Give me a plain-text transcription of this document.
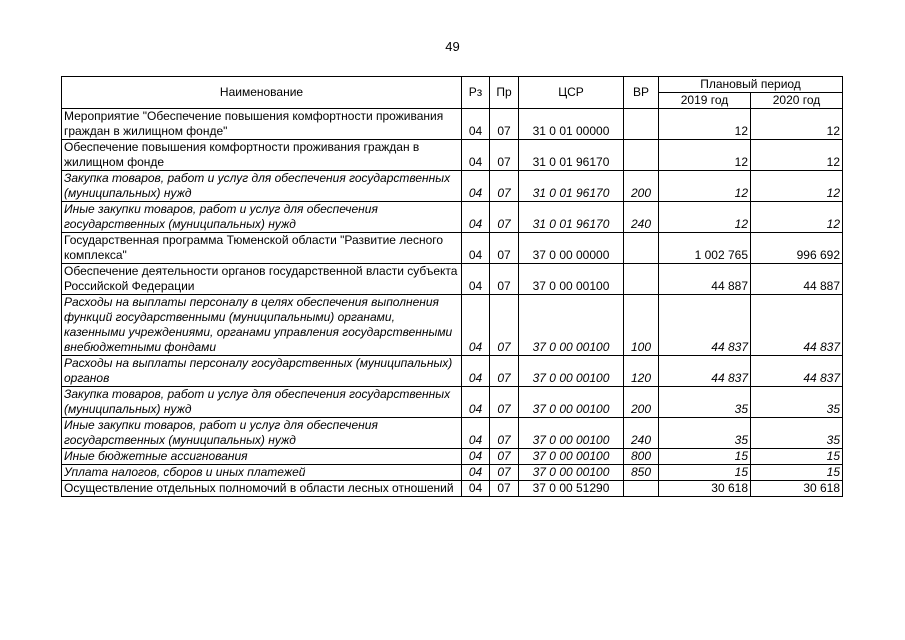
49
Наименование	Рз	Пр	ЦСР	ВР	Плановый период	
					2019 год	2020 год
Мероприятие "Обеспечение повышения комфортности проживания граждан в жилищном фонде"	04	07	31 0 01 00000		12	12
Обеспечение повышения комфортности проживания граждан в жилищном фонде	04	07	31 0 01 96170		12	12
Закупка товаров, работ и услуг для обеспечения государственных (муниципальных) нужд	04	07	31 0 01 96170	200	12	12
Иные закупки товаров, работ и услуг для обеспечения государственных (муниципальных) нужд	04	07	31 0 01 96170	240	12	12
Государственная программа Тюменской области "Развитие лесного комплекса"	04	07	37 0 00 00000		1 002 765	996 692
Обеспечение деятельности органов государственной власти субъекта Российской Федерации	04	07	37 0 00 00100		44 887	44 887
Расходы на выплаты персоналу в целях обеспечения выполнения функций государственными (муниципальными) органами, казенными учреждениями, органами управления государственными внебюджетными фондами	04	07	37 0 00 00100	100	44 837	44 837
Расходы на выплаты персоналу государственных (муниципальных) органов	04	07	37 0 00 00100	120	44 837	44 837
Закупка товаров, работ и услуг для обеспечения государственных (муниципальных) нужд	04	07	37 0 00 00100	200	35	35
Иные закупки товаров, работ и услуг для обеспечения государственных (муниципальных) нужд	04	07	37 0 00 00100	240	35	35
Иные бюджетные ассигнования	04	07	37 0 00 00100	800	15	15
Уплата налогов, сборов и иных платежей	04	07	37 0 00 00100	850	15	15
Осуществление отдельных полномочий в области лесных отношений	04	07	37 0 00 51290		30 618	30 618
